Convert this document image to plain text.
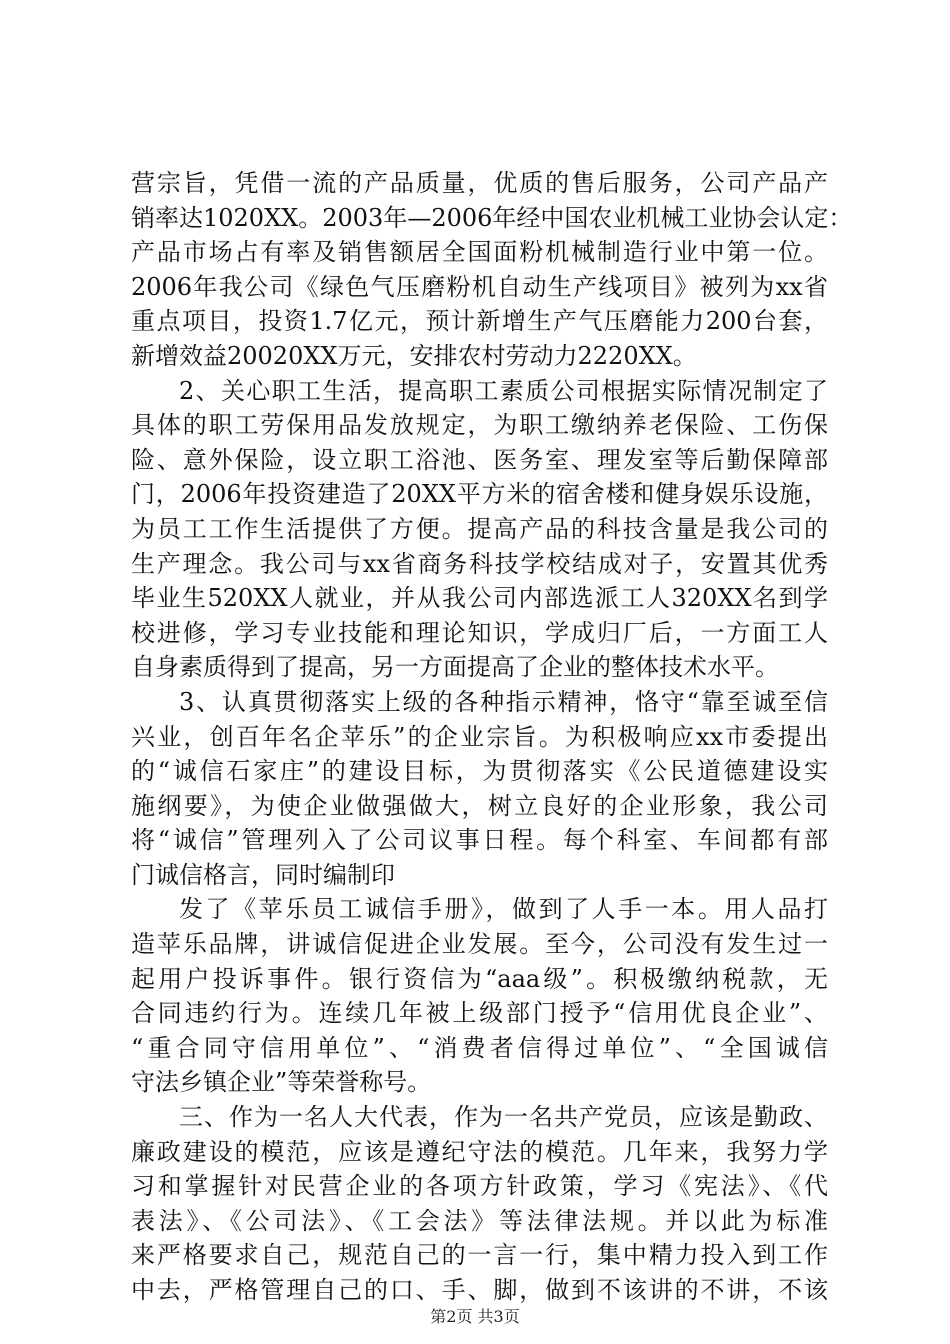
营宗旨，凭借一流的产品质量，优质的售后服务，公司产品产
销率达1020XX。2003年—2006年经中国农业机械工业协会认定：
产品市场占有率及销售额居全国面粉机械制造行业中第一位。
2006年我公司《绿色气压磨粉机自动生产线项目》被列为xx省
重点项目，投资1.7亿元，预计新增生产气压磨能力200台套，
新增效益20020XX万元，安排农村劳动力2220XX。
2、关心职工生活，提高职工素质公司根据实际情况制定了
具体的职工劳保用品发放规定，为职工缴纳养老保险、工伤保
险、意外保险，设立职工浴池、医务室、理发室等后勤保障部
门，2006年投资建造了20XX平方米的宿舍楼和健身娱乐设施，
为员工工作生活提供了方便。提高产品的科技含量是我公司的
生产理念。我公司与xx省商务科技学校结成对子，安置其优秀
毕业生520XX人就业，并从我公司内部选派工人320XX名到学
校进修，学习专业技能和理论知识，学成归厂后，一方面工人
自身素质得到了提高，另一方面提高了企业的整体技术水平。
3、认真贯彻落实上级的各种指示精神，恪守“靠至诚至信
兴业，创百年名企苹乐”的企业宗旨。为积极响应xx市委提出
的“诚信石家庄”的建设目标，为贯彻落实《公民道德建设实
施纲要》，为使企业做强做大，树立良好的企业形象，我公司
将“诚信”管理列入了公司议事日程。每个科室、车间都有部
门诚信格言，同时编制印
发了《苹乐员工诚信手册》，做到了人手一本。用人品打
造苹乐品牌，讲诚信促进企业发展。至今，公司没有发生过一
起用户投诉事件。银行资信为“aaa级”。积极缴纳税款，无
合同违约行为。连续几年被上级部门授予“信用优良企业”、
“重合同守信用单位”、“消费者信得过单位”、“全国诚信
守法乡镇企业”等荣誉称号。
三、作为一名人大代表，作为一名共产党员，应该是勤政、
廉政建设的模范，应该是遵纪守法的模范。几年来，我努力学
习和掌握针对民营企业的各项方针政策，学习《宪法》、《代
表法》、《公司法》、《工会法》等法律法规。并以此为标准
来严格要求自己，规范自己的一言一行，集中精力投入到工作
中去，严格管理自己的口、手、脚，做到不该讲的不讲，不该
第2页 共3页
